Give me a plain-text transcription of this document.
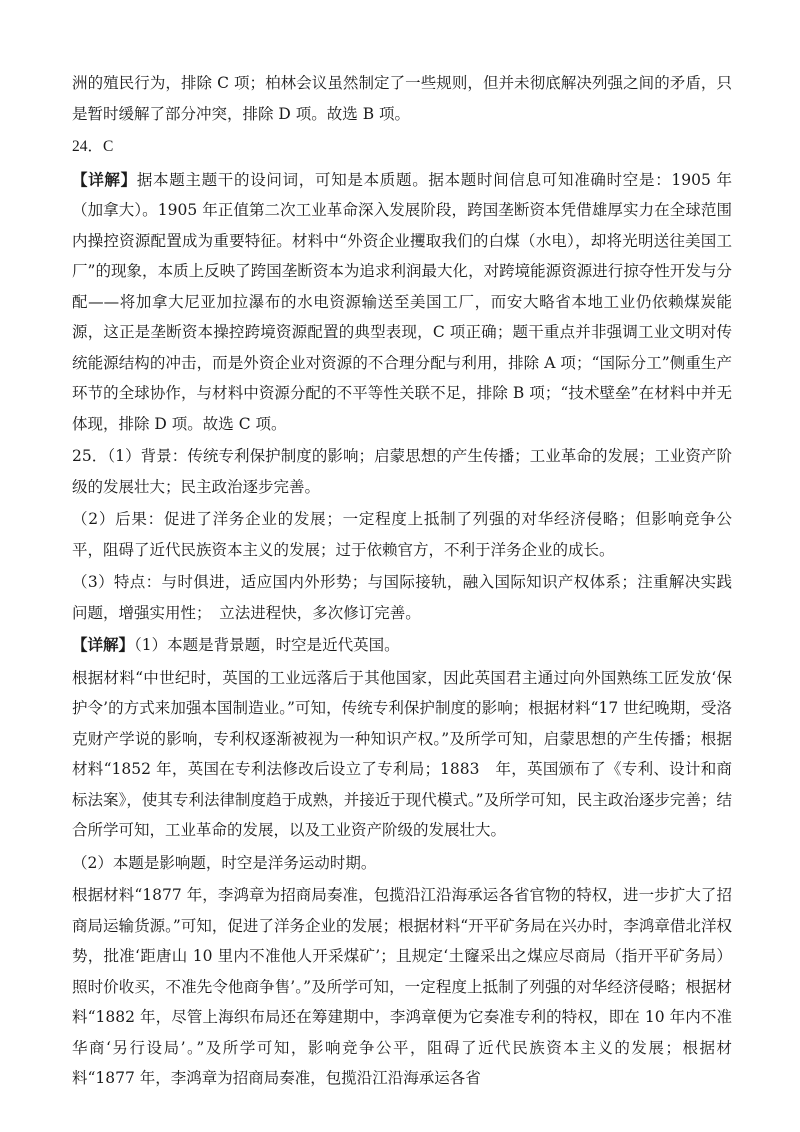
洲的殖民行为，排除 C 项；柏林会议虽然制定了一些规则，但并未彻底解决列强之间的矛盾，只是暂时缓解了部分冲突，排除 D 项。故选 B 项。

24．C

【详解】据本题主题干的设问词，可知是本质题。据本题时间信息可知准确时空是：1905 年（加拿大）。1905 年正值第二次工业革命深入发展阶段，跨国垄断资本凭借雄厚实力在全球范围内操控资源配置成为重要特征。材料中“外资企业攫取我们的白煤（水电），却将光明送往美国工厂”的现象，本质上反映了跨国垄断资本为追求利润最大化，对跨境能源资源进行掠夺性开发与分配——将加拿大尼亚加拉瀑布的水电资源输送至美国工厂，而安大略省本地工业仍依赖煤炭能源，这正是垄断资本操控跨境资源配置的典型表现，C 项正确；题干重点并非强调工业文明对传统能源结构的冲击，而是外资企业对资源的不合理分配与利用，排除 A 项；“国际分工”侧重生产环节的全球协作，与材料中资源分配的不平等性关联不足，排除 B 项；“技术壁垒”在材料中并无体现，排除 D 项。故选 C 项。

25．（1）背景：传统专利保护制度的影响；启蒙思想的产生传播；工业革命的发展；工业资产阶级的发展壮大；民主政治逐步完善。

（2）后果：促进了洋务企业的发展；一定程度上抵制了列强的对华经济侵略；但影响竞争公平，阻碍了近代民族资本主义的发展；过于依赖官方，不利于洋务企业的成长。

（3）特点：与时俱进，适应国内外形势；与国际接轨，融入国际知识产权体系；注重解决实践问题，增强实用性；　立法进程快，多次修订完善。

【详解】（1）本题是背景题，时空是近代英国。

根据材料“中世纪时，英国的工业远落后于其他国家，因此英国君主通过向外国熟练工匠发放‘保护令’的方式来加强本国制造业。”可知，传统专利保护制度的影响；根据材料“17 世纪晚期，受洛克财产学说的影响，专利权逐渐被视为一种知识产权。”及所学可知，启蒙思想的产生传播；根据材料“1852 年，英国在专利法修改后设立了专利局；1883　年，英国颁布了《专利、设计和商标法案》，使其专利法律制度趋于成熟，并接近于现代模式。”及所学可知，民主政治逐步完善；结合所学可知，工业革命的发展，以及工业资产阶级的发展壮大。

（2）本题是影响题，时空是洋务运动时期。

根据材料“1877 年，李鸿章为招商局奏准，包揽沿江沿海承运各省官物的特权，进一步扩大了招商局运输货源。”可知，促进了洋务企业的发展；根据材料“开平矿务局在兴办时，李鸿章借北洋权势，批准‘距唐山 10 里内不准他人开采煤矿’；且规定‘土窿采出之煤应尽商局（指开平矿务局）照时价收买，不准先令他商争售’。”及所学可知，一定程度上抵制了列强的对华经济侵略；根据材料“1882 年，尽管上海织布局还在筹建期中，李鸿章便为它奏准专利的特权，即在 10 年内不准华商‘另行设局’。”及所学可知，影响竞争公平，阻碍了近代民族资本主义的发展；根据材料“1877 年，李鸿章为招商局奏准，包揽沿江沿海承运各省
